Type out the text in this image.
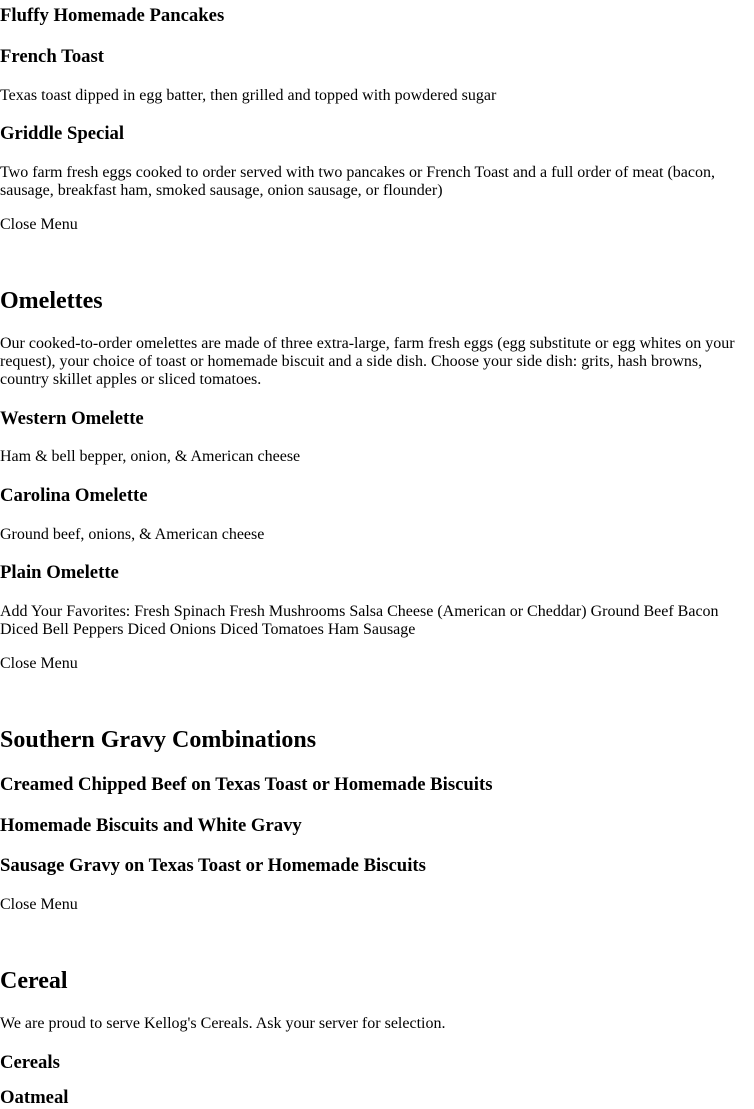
Fluffy Homemade Pancakes
French Toast

Texas toast dipped in egg batter, then grilled and topped with powdered sugar

Griddle Special

Two farm fresh eggs cooked to order served with two pancakes or French Toast and a full order of meat (bacon, sausage, breakfast ham, smoked sausage, onion sausage, or flounder)

Close Menu
Omelettes

Our cooked-to-order omelettes are made of three extra-large, farm fresh eggs (egg substitute or egg whites on your request), your choice of toast or homemade biscuit and a side dish. Choose your side dish: grits, hash browns, country skillet apples or sliced tomatoes.

Western Omelette

Ham & bell bepper, onion, & American cheese

Carolina Omelette

Ground beef, onions, & American cheese

Plain Omelette

Add Your Favorites: Fresh Spinach Fresh Mushrooms Salsa Cheese (American or Cheddar) Ground Beef Bacon Diced Bell Peppers Diced Onions Diced Tomatoes Ham Sausage

Close Menu
Southern Gravy Combinations
Creamed Chipped Beef on Texas Toast or Homemade Biscuits
Homemade Biscuits and White Gravy
Sausage Gravy on Texas Toast or Homemade Biscuits
Close Menu
Cereal

We are proud to serve Kellog's Cereals. Ask your server for selection.

Cereals
Oatmeal
